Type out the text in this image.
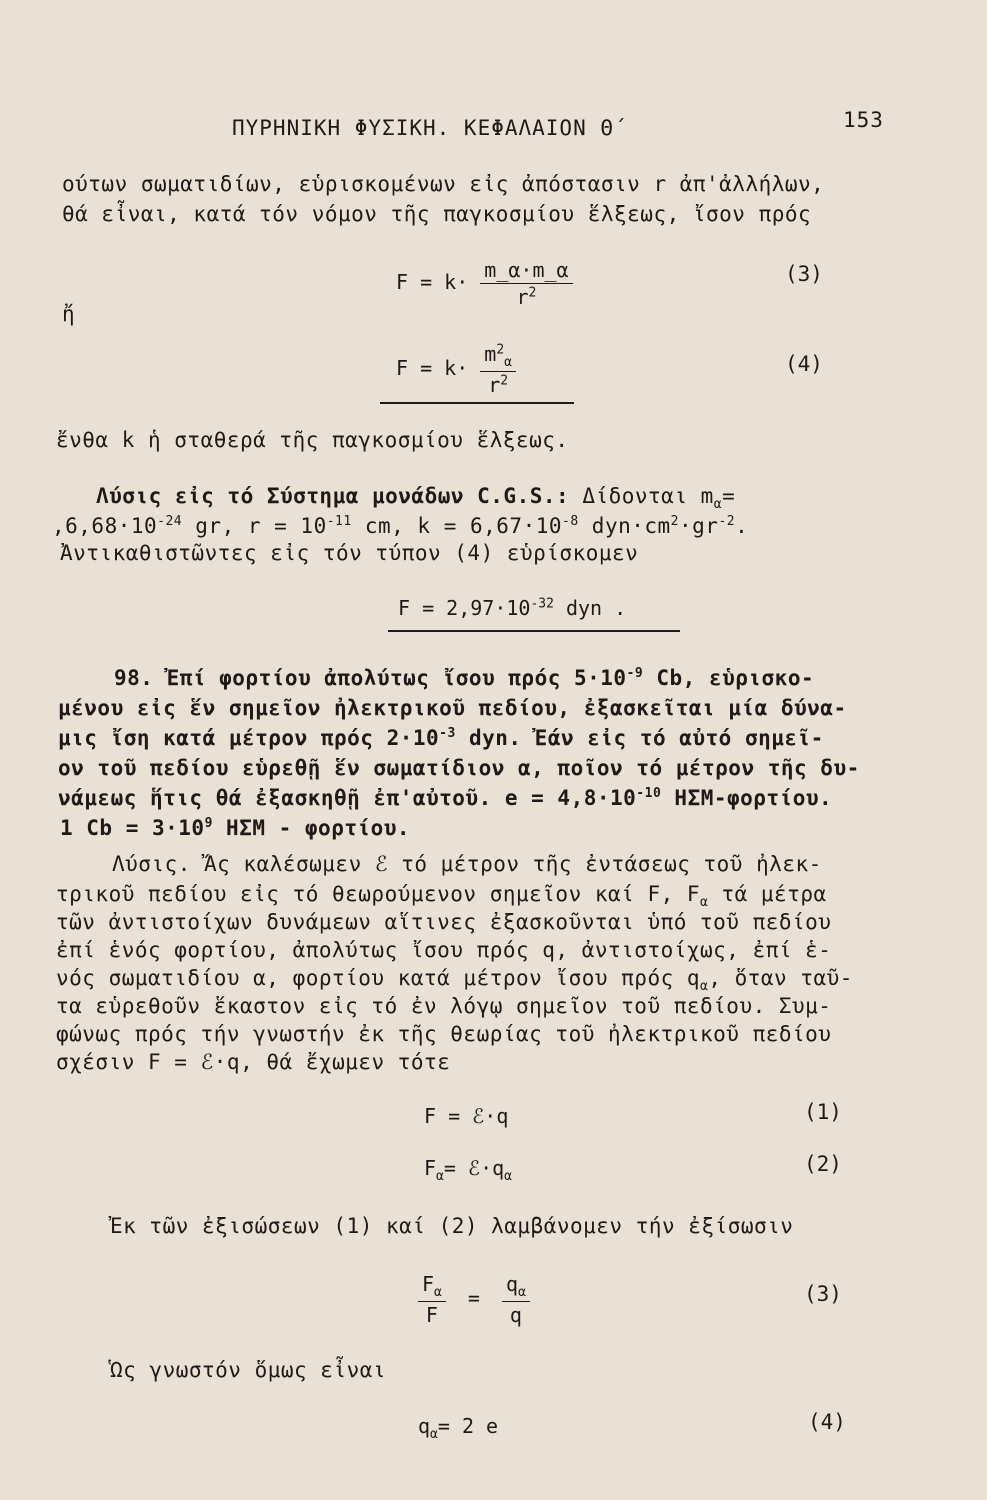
ΠΥΡΗΝΙΚΗ ΦΥΣΙΚΗ. ΚΕΦΑΛΑΙΟΝ Θ΄	153
ούτων σωματιδίων, εὑρισκομένων εἰς ἀπόστασιν r ἀπ'ἀλλήλων,
θά εἶναι, κατά τόν νόμον τῆς παγκοσμίου ἕλξεως, ἴσον πρός
$F = k\cdot \frac{m\_\alpha\cdot m\_\alpha}{r^2}$	(3)
ἤ
$F = k\cdot \frac{m^2_\alpha}{r^2}$	(4)
ἔνθα k ἡ σταθερά τῆς παγκοσμίου ἕλξεως.
Λύσις εἰς τό Σύστημα μονάδων C.G.S.: Δίδονται $m_\alpha=$
$,6,68\cdot 10^{-24}$ gr, $r = 10^{-11}$ cm, $k = 6,67\cdot 10^{-8}$ $dyn\cdot cm^2\cdot gr^{-2}$.
Ἀντικαθιστῶντες εἰς τόν τύπον (4) εὑρίσκομεν
$F = 2,97\cdot 10^{-32}$ dyn .
98. Ἐπί φορτίου ἀπολύτως ἴσου πρός $5\cdot 10^{-9}$ Cb, εὑρισκο-
μένου εἰς ἕν σημεῖον ἠλεκτρικοῦ πεδίου, ἐξασκεῖται μία δύνα-
μις ἴση κατά μέτρον πρός $2\cdot 10^{-3}$ dyn. Ἐάν εἰς τό αὐτό σημεῖ-
ον τοῦ πεδίου εὑρεθῇ ἕν σωματίδιον α, ποῖον τό μέτρον τῆς δυ-
νάμεως ἥτις θά ἐξασκηθῇ ἐπ'αὐτοῦ. $e = 4,8\cdot 10^{-10}$ ΗΣΜ-φορτίου.
1 $Cb = 3\cdot 10^9$ ΗΣΜ - φορτίου.
Λύσις. Ἄς καλέσωμεν ℰ τό μέτρον τῆς ἐντάσεως τοῦ ἠλεκ-
τρικοῦ πεδίου εἰς τό θεωρούμενον σημεῖον καί F, $F_\alpha$ τά μέτρα
τῶν ἀντιστοίχων δυνάμεων αἵτινες ἐξασκοῦνται ὑπό τοῦ πεδίου
ἐπί ἑνός φορτίου, ἀπολύτως ἴσου πρός q, ἀντιστοίχως, ἐπί ἑ-
νός σωματιδίου α, φορτίου κατά μέτρον ἴσου πρός $q_\alpha$, ὅταν ταῦ-
τα εὑρεθοῦν ἕκαστον εἰς τό ἐν λόγῳ σημεῖον τοῦ πεδίου. Συμ-
φώνως πρός τήν γνωστήν ἐκ τῆς θεωρίας τοῦ ἠλεκτρικοῦ πεδίου
σχέσιν F = ℰ·q, θά ἔχωμεν τότε
F = ℰ·q	(1)
$F_\alpha=$ $ℰ\cdot q_\alpha$
(2)
Ἐκ τῶν ἐξισώσεων (1) καί (2) λαμβάνομεν τήν ἐξίσωσιν
$\frac{F_\alpha}{F} = \frac{q_\alpha}{q}$	(3)
Ὡς γνωστόν ὅμως εἶναι
$q_\alpha= 2$ e	(4)
